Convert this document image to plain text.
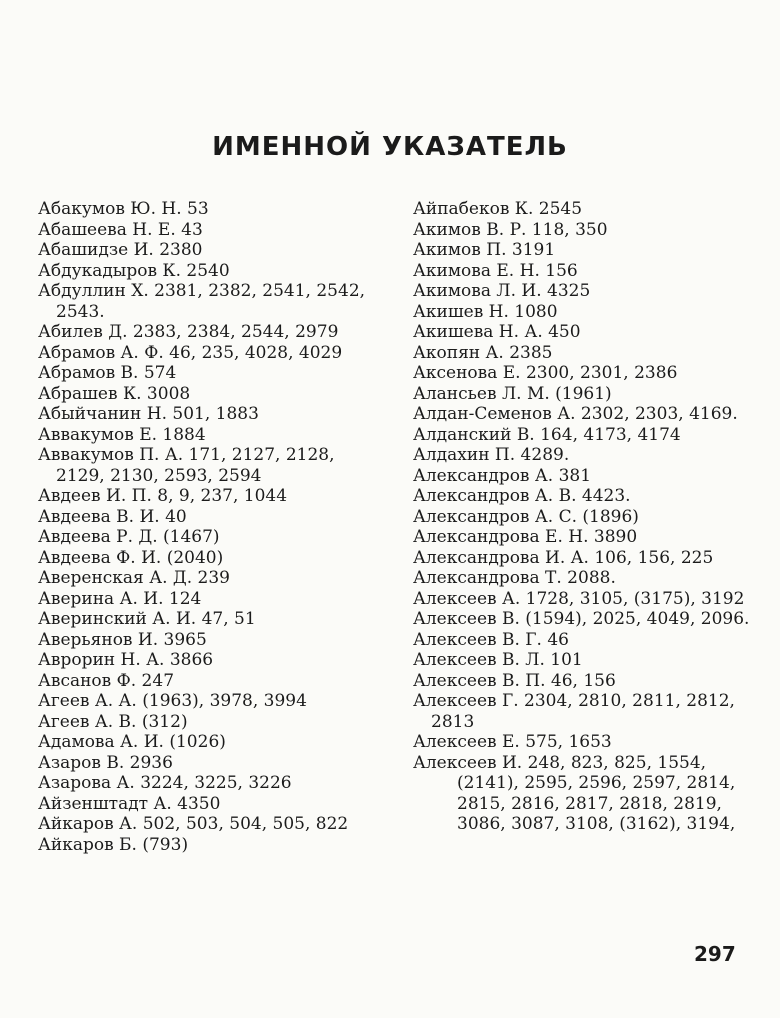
ИМЕННОЙ УКАЗАТЕЛЬ
Абакумов Ю. Н. 53
Абашеева Н. Е. 43
Абашидзе И. 2380
Абдукадыров К. 2540
Абдуллин Х. 2381, 2382, 2541, 2542, 2543.
Абилев Д. 2383, 2384, 2544, 2979
Абрамов А. Ф. 46, 235, 4028, 4029
Абрамов В. 574
Абрашев К. 3008
Абыйчанин Н. 501, 1883
Аввакумов Е. 1884
Аввакумов П. А. 171, 2127, 2128, 2129, 2130, 2593, 2594
Авдеев И. П. 8, 9, 237, 1044
Авдеева В. И. 40
Авдеева Р. Д. (1467)
Авдеева Ф. И. (2040)
Аверенская А. Д. 239
Аверина А. И. 124
Аверинский А. И. 47, 51
Аверьянов И. 3965
Аврорин Н. А. 3866
Авсанов Ф. 247
Агеев А. А. (1963), 3978, 3994
Агеев А. В. (312)
Адамова А. И. (1026)
Азаров В. 2936
Азарова А. 3224, 3225, 3226
Айзенштадт А. 4350
Айкаров А. 502, 503, 504, 505, 822
Айкаров Б. (793)
Айпабеков К. 2545
Акимов В. Р. 118, 350
Акимов П. 3191
Акимова Е. Н. 156
Акимова Л. И. 4325
Акишев Н. 1080
Акишева Н. А. 450
Акопян А. 2385
Аксенова Е. 2300, 2301, 2386
Алансьев Л. М. (1961)
Алдан-Семенов А. 2302, 2303, 4169.
Алданский В. 164, 4173, 4174
Алдахин П. 4289.
Александров А. 381
Александров А. В. 4423.
Александров А. С. (1896)
Александрова Е. Н. 3890
Александрова И. А. 106, 156, 225
Александрова Т. 2088.
Алексеев А. 1728, 3105, (3175), 3192
Алексеев В. (1594), 2025, 4049, 2096.
Алексеев В. Г. 46
Алексеев В. Л. 101
Алексеев В. П. 46, 156
Алексеев Г. 2304, 2810, 2811, 2812, 2813
Алексеев Е. 575, 1653
Алексеев И. 248, 823, 825, 1554, (2141), 2595, 2596, 2597, 2814, 2815, 2816, 2817, 2818, 2819, 3086, 3087, 3108, (3162), 3194,
297
